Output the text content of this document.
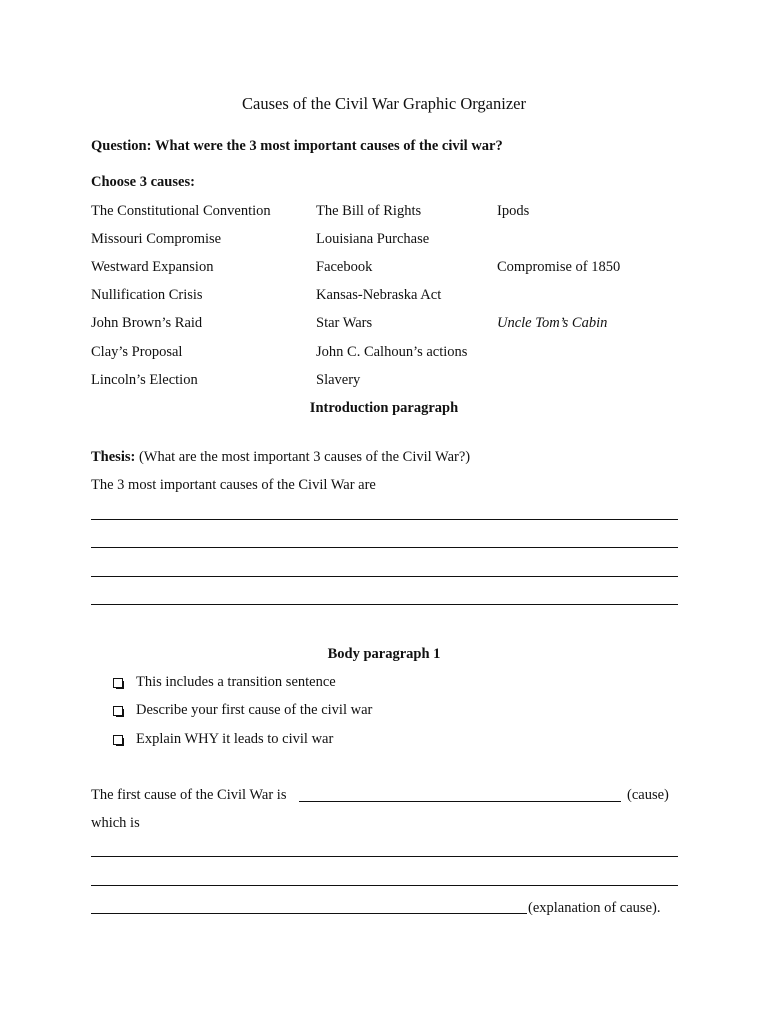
Causes of the Civil War Graphic Organizer
Question: What were the 3 most important causes of the civil war?
Choose 3 causes:
The Constitutional Convention
Missouri Compromise
Westward Expansion
Nullification Crisis
John Brown’s Raid
Clay’s Proposal
Lincoln’s Election
The Bill of Rights
Louisiana Purchase
Facebook
Kansas-Nebraska Act
Star Wars
John C. Calhoun’s actions
Slavery
Ipods
Compromise of 1850
Uncle Tom’s Cabin
Introduction paragraph
Thesis: (What are the most important 3 causes of the Civil War?)
The 3 most important causes of the Civil War are
Body paragraph 1
This includes a transition sentence
Describe your first cause of the civil war
Explain WHY it leads to civil war
The first cause of the Civil War is	(cause)
which is
(explanation of cause).
